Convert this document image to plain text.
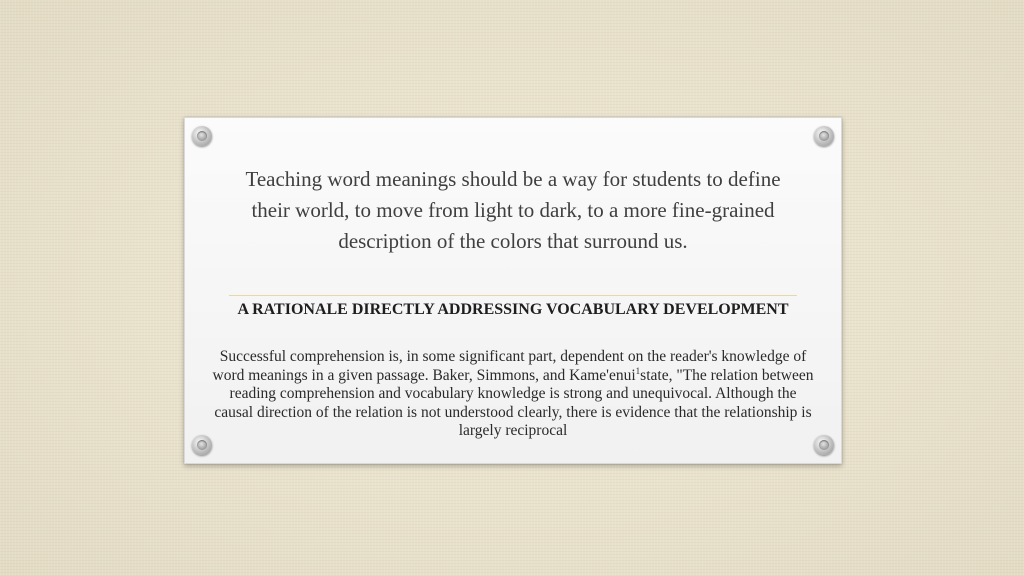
Teaching word meanings should be a way for students to define their world, to move from light to dark, to a more fine-grained description of the colors that surround us.

A RATIONALE DIRECTLY ADDRESSING VOCABULARY DEVELOPMENT

Successful comprehension is, in some significant part, dependent on the reader's knowledge of word meanings in a given passage. Baker, Simmons, and Kame'enui$^1$state, "The relation between reading comprehension and vocabulary knowledge is strong and unequivocal. Although the causal direction of the relation is not understood clearly, there is evidence that the relationship is largely reciprocal
